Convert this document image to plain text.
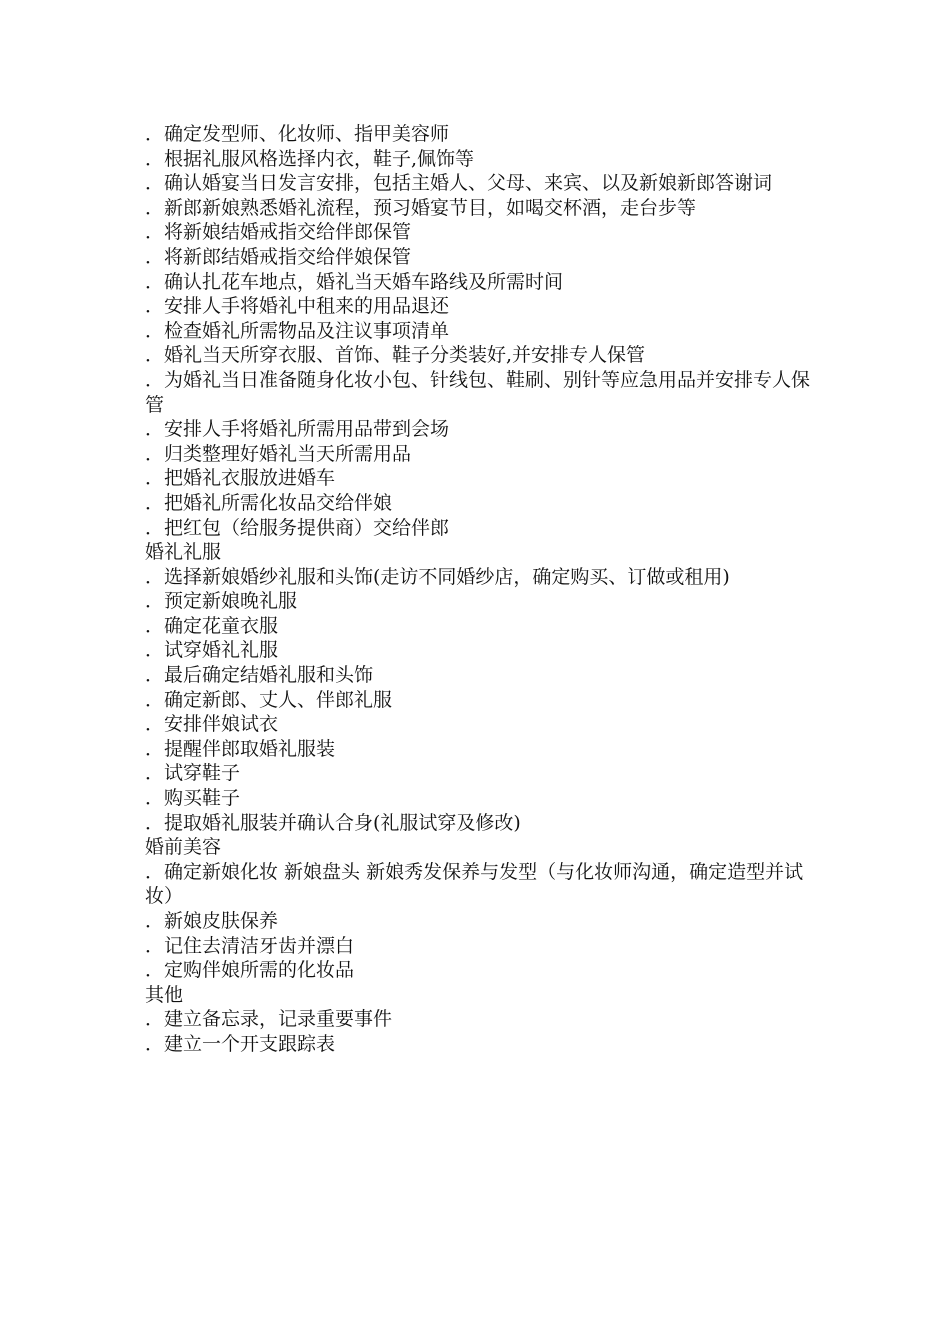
．确定发型师、化妆师、指甲美容师

．根据礼服风格选择内衣，鞋子,佩饰等

．确认婚宴当日发言安排，包括主婚人、父母、来宾、以及新娘新郎答谢词

．新郎新娘熟悉婚礼流程，预习婚宴节目，如喝交杯酒，走台步等

．将新娘结婚戒指交给伴郎保管

．将新郎结婚戒指交给伴娘保管

．确认扎花车地点，婚礼当天婚车路线及所需时间

．安排人手将婚礼中租来的用品退还

．检查婚礼所需物品及注议事项清单

．婚礼当天所穿衣服、首饰、鞋子分类装好,并安排专人保管

．为婚礼当日准备随身化妆小包、针线包、鞋刷、别针等应急用品并安排专人保管

．安排人手将婚礼所需用品带到会场

．归类整理好婚礼当天所需用品

．把婚礼衣服放进婚车

．把婚礼所需化妆品交给伴娘

．把红包（给服务提供商）交给伴郎

婚礼礼服

．选择新娘婚纱礼服和头饰(走访不同婚纱店，确定购买、订做或租用)

．预定新娘晚礼服

．确定花童衣服

．试穿婚礼礼服

．最后确定结婚礼服和头饰

．确定新郎、丈人、伴郎礼服

．安排伴娘试衣

．提醒伴郎取婚礼服装

．试穿鞋子

．购买鞋子

．提取婚礼服装并确认合身(礼服试穿及修改)

婚前美容

．确定新娘化妆 新娘盘头 新娘秀发保养与发型（与化妆师沟通，确定造型并试妆）

．新娘皮肤保养

．记住去清洁牙齿并漂白

．定购伴娘所需的化妆品

其他

．建立备忘录，记录重要事件

．建立一个开支跟踪表
